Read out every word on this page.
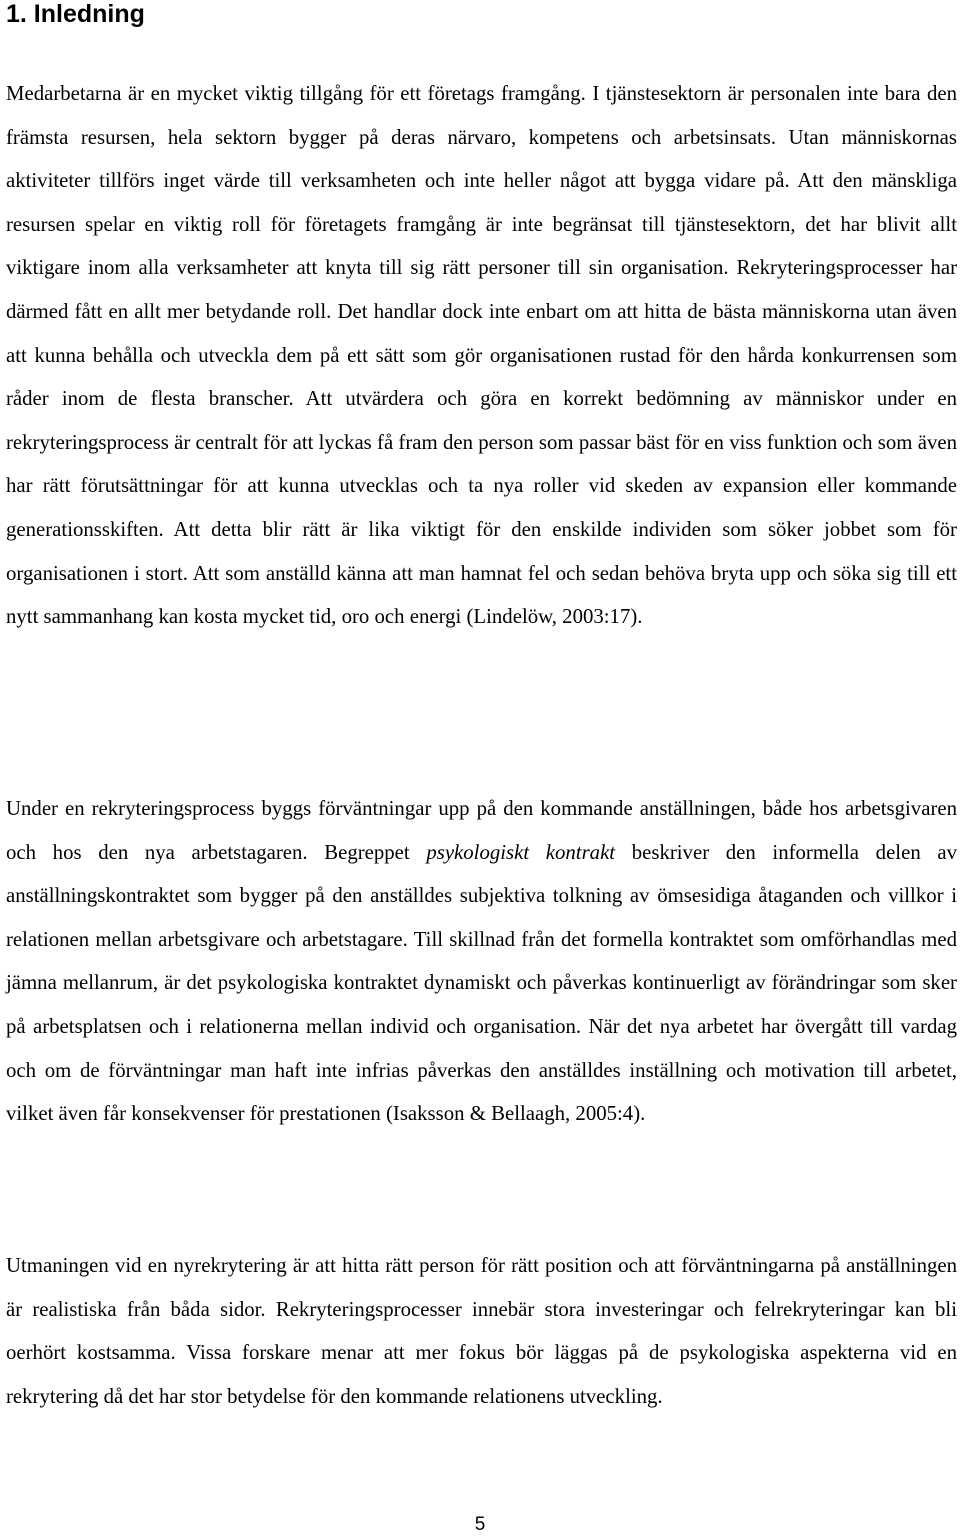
1. Inledning

Medarbetarna är en mycket viktig tillgång för ett företags framgång. I tjänstesektorn är personalen inte bara den främsta resursen, hela sektorn bygger på deras närvaro, kompetens och arbetsinsats. Utan människornas aktiviteter tillförs inget värde till verksamheten och inte heller något att bygga vidare på. Att den mänskliga resursen spelar en viktig roll för företagets framgång är inte begränsat till tjänstesektorn, det har blivit allt viktigare inom alla verksamheter att knyta till sig rätt personer till sin organisation. Rekryteringsprocesser har därmed fått en allt mer betydande roll. Det handlar dock inte enbart om att hitta de bästa människorna utan även att kunna behålla och utveckla dem på ett sätt som gör organisationen rustad för den hårda konkurrensen som råder inom de flesta branscher. Att utvärdera och göra en korrekt bedömning av människor under en rekryteringsprocess är centralt för att lyckas få fram den person som passar bäst för en viss funktion och som även har rätt förutsättningar för att kunna utvecklas och ta nya roller vid skeden av expansion eller kommande generationsskiften. Att detta blir rätt är lika viktigt för den enskilde individen som söker jobbet som för organisationen i stort. Att som anställd känna att man hamnat fel och sedan behöva bryta upp och söka sig till ett nytt sammanhang kan kosta mycket tid, oro och energi (Lindelöw, 2003:17).

Under en rekryteringsprocess byggs förväntningar upp på den kommande anställningen, både hos arbetsgivaren och hos den nya arbetstagaren. Begreppet psykologiskt kontrakt beskriver den informella delen av anställningskontraktet som bygger på den anställdes subjektiva tolkning av ömsesidiga åtaganden och villkor i relationen mellan arbetsgivare och arbetstagare. Till skillnad från det formella kontraktet som omförhandlas med jämna mellanrum, är det psykologiska kontraktet dynamiskt och påverkas kontinuerligt av förändringar som sker på arbetsplatsen och i relationerna mellan individ och organisation. När det nya arbetet har övergått till vardag och om de förväntningar man haft inte infrias påverkas den anställdes inställning och motivation till arbetet, vilket även får konsekvenser för prestationen (Isaksson & Bellaagh, 2005:4).

Utmaningen vid en nyrekrytering är att hitta rätt person för rätt position och att förväntningarna på anställningen är realistiska från båda sidor. Rekryteringsprocesser innebär stora investeringar och felrekryteringar kan bli oerhört kostsamma. Vissa forskare menar att mer fokus bör läggas på de psykologiska aspekterna vid en rekrytering då det har stor betydelse för den kommande relationens utveckling.

5
